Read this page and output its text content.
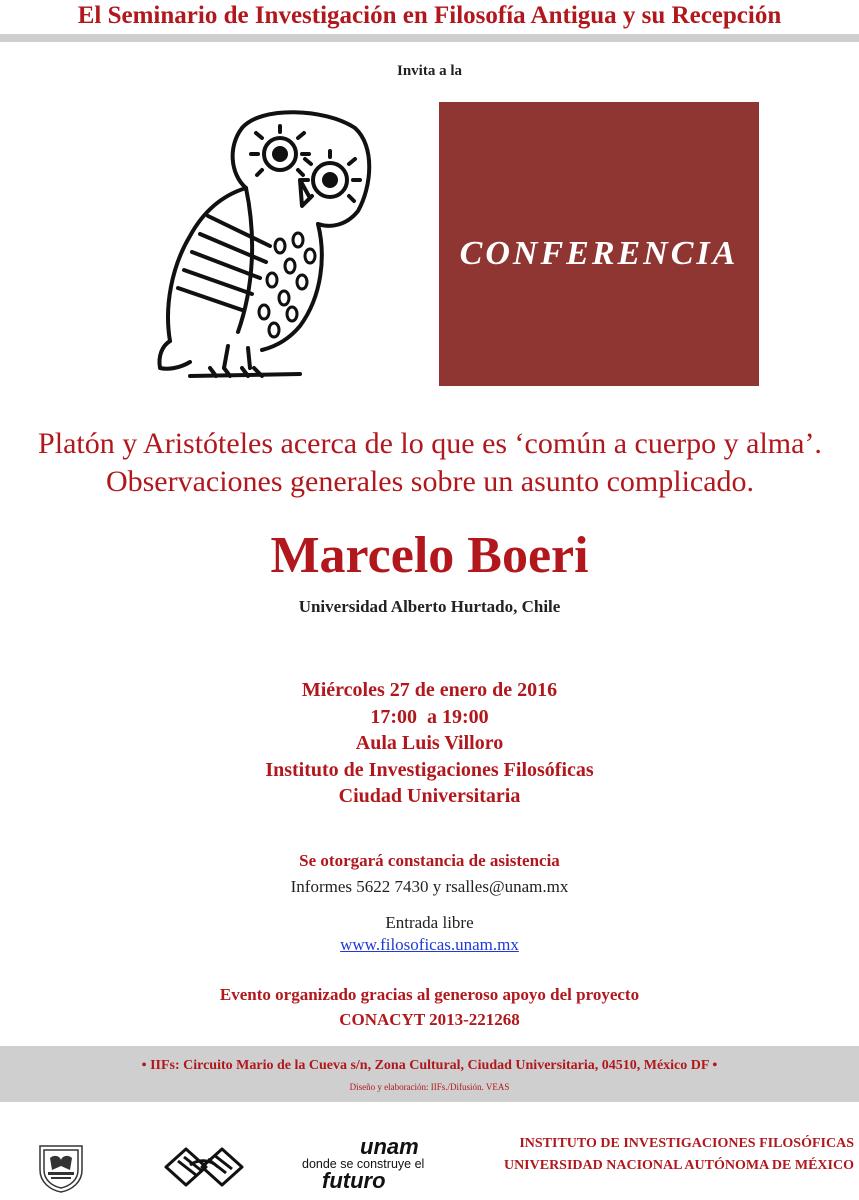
El Seminario de Investigación en Filosofía Antigua y su Recepción
Invita a la
CONFERENCIA
Platón y Aristóteles acerca de lo que es ‘común a cuerpo y alma’. Observaciones generales sobre un asunto complicado.
Marcelo Boeri
Universidad Alberto Hurtado, Chile
Miércoles 27 de enero de 2016
17:00  a 19:00
Aula Luis Villoro
Instituto de Investigaciones Filosóficas
Ciudad Universitaria
Se otorgará constancia de asistencia
Informes 5622 7430 y rsalles@unam.mx
Entrada libre
www.filosoficas.unam.mx
Evento organizado gracias al generoso apoyo del proyecto
CONACYT 2013-221268
• IIFs: Circuito Mario de la Cueva s/n, Zona Cultural, Ciudad Universitaria, 04510, México DF •
Diseño y elaboración: IIFs./Difusión. VEAS
unam
donde se construye el
futuro
INSTITUTO DE INVESTIGACIONES FILOSÓFICAS
UNIVERSIDAD NACIONAL AUTÓNOMA DE MÉXICO
